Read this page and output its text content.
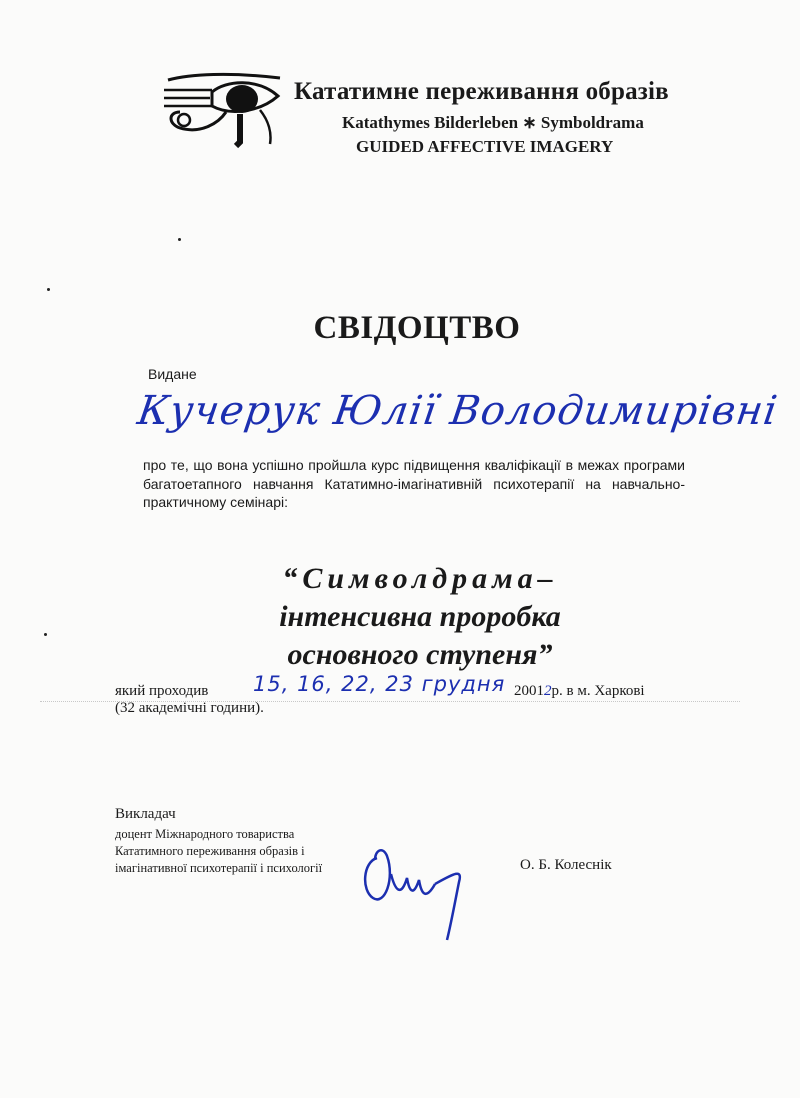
Кататимне переживання образів
Katathymes Bilderleben ∗ Symboldrama
GUIDED AFFECTIVE IMAGERY
СВІДОЦТВО
Видане
Кучерук Юлії Володимирівні
про те, що вона успішно пройшла курс підвищення кваліфікації в межах програми багатоетапного навчання Кататимно-імагінативній психотерапії на навчально-практичному семінарі:
“Символдрама–
інтенсивна проробка
основного ступеня”
який проходив 15, 16, 22, 23 грудня 20012р. в м. Харкові
(32 академічні години).
Викладач
доцент Міжнародного товариства
Кататимного переживання образів і
імагінативної психотерапії і психології	О. Б. Колеснік
